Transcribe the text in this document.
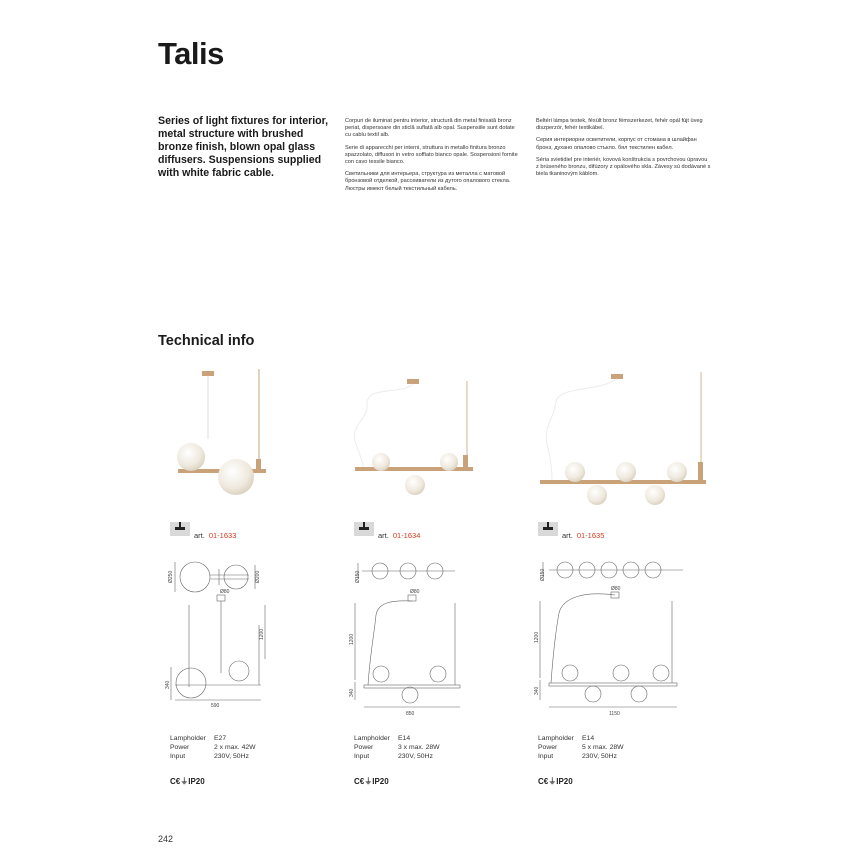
Talis
Series of light fixtures for interior, metal structure with brushed bronze finish, blown opal glass diffusers. Suspensions supplied with white fabric cable.

Corpuri de iluminat pentru interior, structură din metal finisată bronz periat, dispersoare din sticlă suflată alb opal. Suspensiile sunt dotate cu cablu textil alb.

Serie di apparecchi per interni, struttura in metallo finitura bronzo spazzolato, diffusori in vetro soffiato bianco opale. Sospensioni fornite con cavo tessile bianco.

Светильники для интерьера, структура из металла с матовой бронзовой отделкой, рассеиватели из дутого опалового стекла. Люстры имеют белый текстильный кабель.

Beltéri lámpa testek, fésült bronz fémszerkezet, fehér opál fújt üveg diszperzór, fehér textikábel.

Серия интериорни осветители, корпус от стомана в шлайфан бронз, духано опалово стъкло. бял текстилен кабел.

Séria svietidiel pre interiér, kovová konštrukcia s povrchovou úpravou z brúseného bronzu, difúzory z opálového skla. Závesy sú dodávané s biela tkaninovým káblom.

Technical info
art. 01-1633	art. 01-1634	art. 01-1635
Ø250	Ø200
Ø80
1200
340
590
Ø150
Ø80
1200
340
850
Ø150
Ø80
1200
340
1150
Lampholder E27
Power	2 x max. 42W
Input	230V, 50Hz
Lampholder E14
Power	3 x max. 28W
Input	230V, 50Hz
Lampholder E14
Power	5 x max. 28W
Input	230V, 50Hz
C€⏚IP20	C€⏚IP20	C€⏚IP20
242
